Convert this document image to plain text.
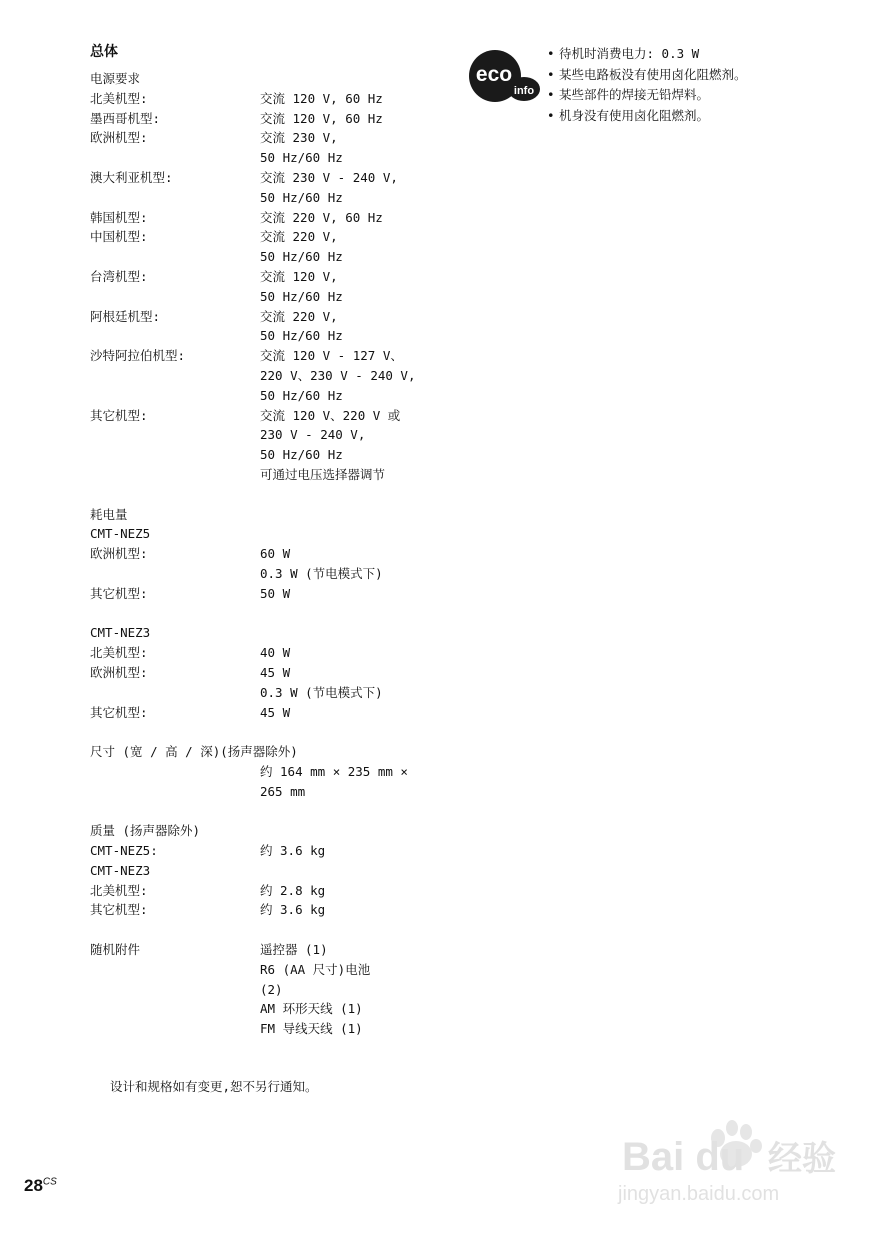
总体
电源要求
北美机型:	交流 120 V, 60 Hz
墨西哥机型:	交流 120 V, 60 Hz
欧洲机型:	交流 230 V,
50 Hz/60 Hz
澳大利亚机型:	交流 230 V - 240 V,
50 Hz/60 Hz
韩国机型:	交流 220 V, 60 Hz
中国机型:	交流 220 V,
50 Hz/60 Hz
台湾机型:	交流 120 V,
50 Hz/60 Hz
阿根廷机型:	交流 220 V,
50 Hz/60 Hz
沙特阿拉伯机型:	交流 120 V - 127 V、
220 V、230 V - 240 V,
50 Hz/60 Hz
其它机型:	交流 120 V、220 V 或
230 V - 240 V,
50 Hz/60 Hz
可通过电压选择器调节
耗电量
CMT-NEZ5
欧洲机型:	60 W
0.3 W (节电模式下)
其它机型:	50 W
CMT-NEZ3
北美机型:	40 W
欧洲机型:	45 W
0.3 W (节电模式下)
其它机型:	45 W
尺寸 (宽 / 高 / 深)(扬声器除外)
约 164 mm × 235 mm ×
265 mm
质量 (扬声器除外)
CMT-NEZ5:	约 3.6 kg
CMT-NEZ3
北美机型:	约 2.8 kg
其它机型:	约 3.6 kg
随机附件	遥控器 (1)
R6 (AA 尺寸)电池
(2)
AM 环形天线 (1)
FM 导线天线 (1)
eco
info
• 待机时消费电力: 0.3 W
• 某些电路板没有使用卤化阻燃剂。
• 某些部件的焊接无铅焊料。
• 机身没有使用卤化阻燃剂。
设计和规格如有变更,恕不另行通知。
$28^{CS}$
Bai du 经验
jingyan.baidu.com
